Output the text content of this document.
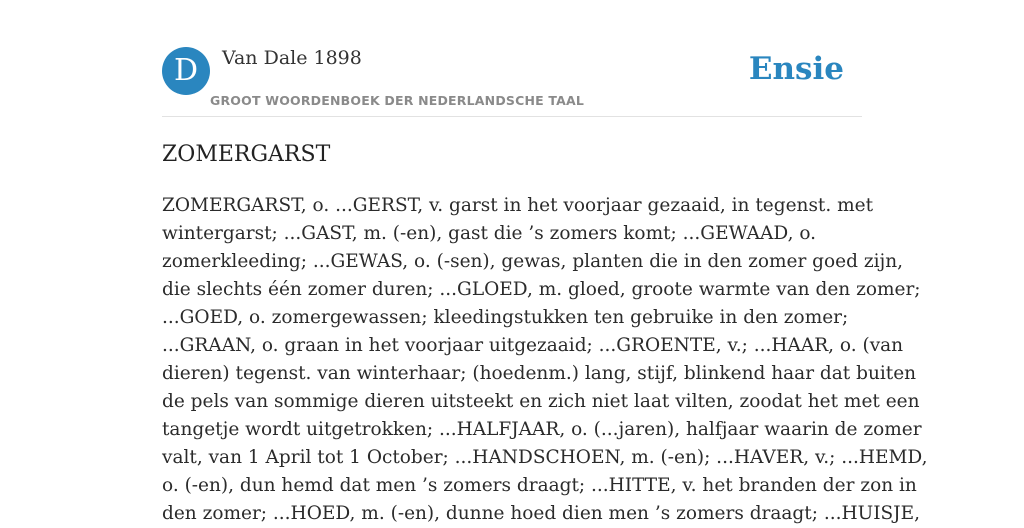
D	Van Dale 1898
GROOT WOORDENBOEK DER NEDERLANDSCHE TAAL
Ensie
ZOMERGARST
ZOMERGARST, o. ...GERST, v. garst in het voorjaar gezaaid, in tegenst. met
wintergarst; ...GAST, m. (-en), gast die ’s zomers komt; ...GEWAAD, o.
zomerkleeding; ...GEWAS, o. (-sen), gewas, planten die in den zomer goed zijn,
die slechts één zomer duren; ...GLOED, m. gloed, groote warmte van den zomer;
...GOED, o. zomergewassen; kleedingstukken ten gebruike in den zomer;
...GRAAN, o. graan in het voorjaar uitgezaaid; ...GROENTE, v.; ...HAAR, o. (van
dieren) tegenst. van winterhaar; (hoedenm.) lang, stijf, blinkend haar dat buiten
de pels van sommige dieren uitsteekt en zich niet laat vilten, zoodat het met een
tangetje wordt uitgetrokken; ...HALFJAAR, o. (...jaren), halfjaar waarin de zomer
valt, van 1 April tot 1 October; ...HANDSCHOEN, m. (-en); ...HAVER, v.; ...HEMD,
o. (-en), dun hemd dat men ’s zomers draagt; ...HITTE, v. het branden der zon in
den zomer; ...HOED, m. (-en), dunne hoed dien men ’s zomers draagt; ...HUISJE,
